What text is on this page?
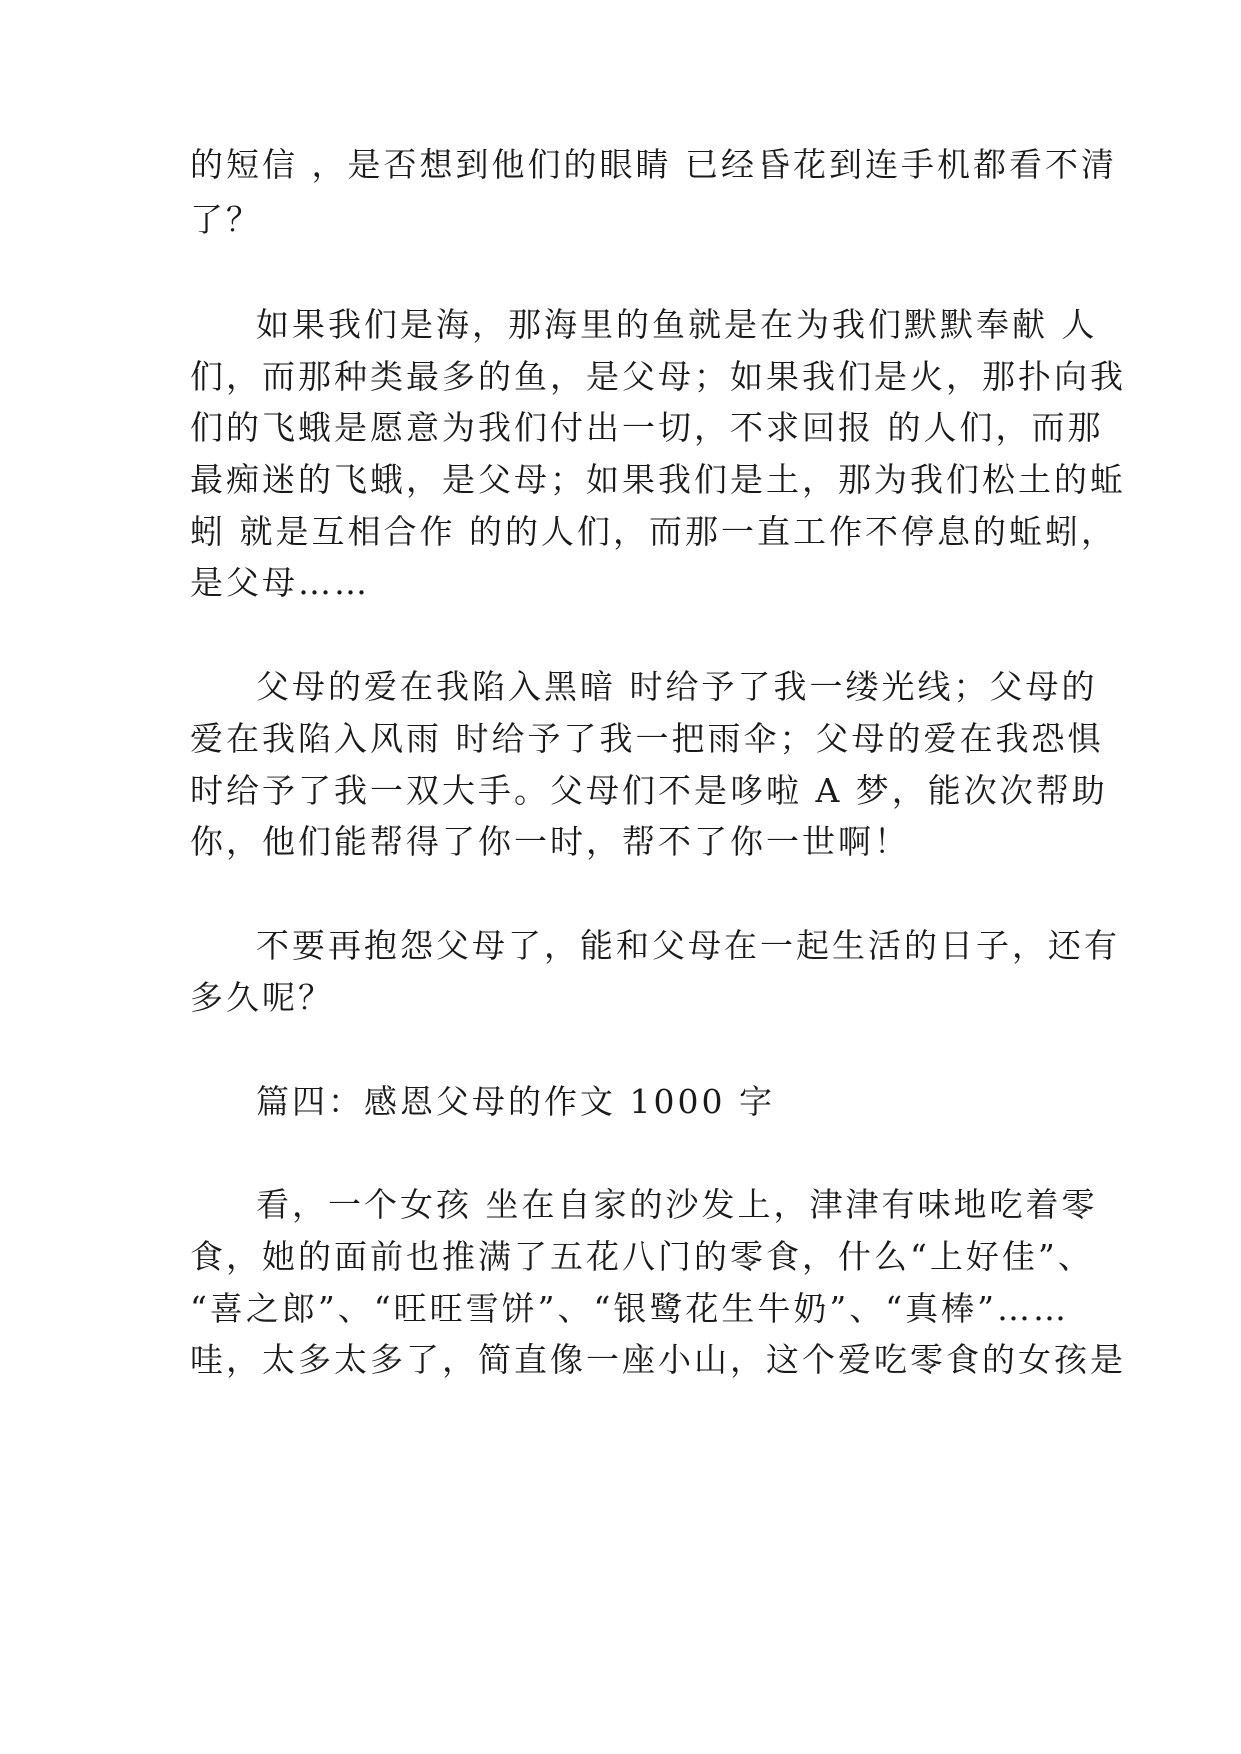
的短信 ，是否想到他们的眼睛 已经昏花到连手机都看不清
了？
如果我们是海，那海里的鱼就是在为我们默默奉献 人
们，而那种类最多的鱼，是父母；如果我们是火，那扑向我
们的飞蛾是愿意为我们付出一切，不求回报 的人们，而那
最痴迷的飞蛾，是父母；如果我们是土，那为我们松土的蚯
蚓 就是互相合作 的的人们，而那一直工作不停息的蚯蚓，
是父母……
父母的爱在我陷入黑暗 时给予了我一缕光线；父母的
爱在我陷入风雨 时给予了我一把雨伞；父母的爱在我恐惧
时给予了我一双大手。父母们不是哆啦 A 梦，能次次帮助
你，他们能帮得了你一时，帮不了你一世啊！
不要再抱怨父母了，能和父母在一起生活的日子，还有
多久呢？
篇四：感恩父母的作文 1000 字
看，一个女孩 坐在自家的沙发上，津津有味地吃着零
食，她的面前也推满了五花八门的零食，什么“上好佳”、
“喜之郎”、“旺旺雪饼”、“银鹭花生牛奶”、“真棒”……
哇，太多太多了，简直像一座小山，这个爱吃零食的女孩是
